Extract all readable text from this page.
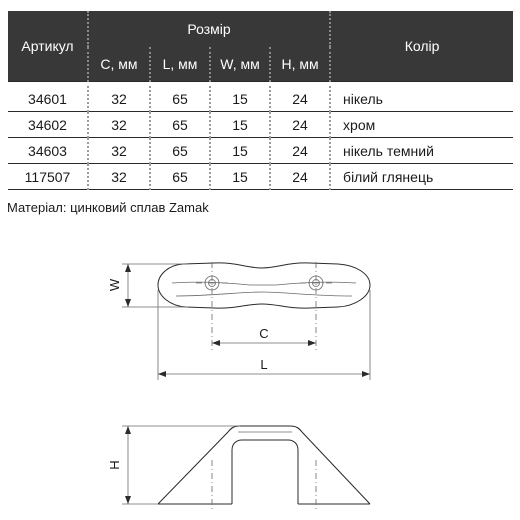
Артикул	Розмір				Колір
	С, мм	L, мм	W, мм	Н, мм	

34601	32	65	15	24	нікель
34602	32	65	15	24	хром
34603	32	65	15	24	нікель темний
117507	32	65	15	24	білий глянець
Матеріал: цинковий сплав Zamak
W
C
L
H
